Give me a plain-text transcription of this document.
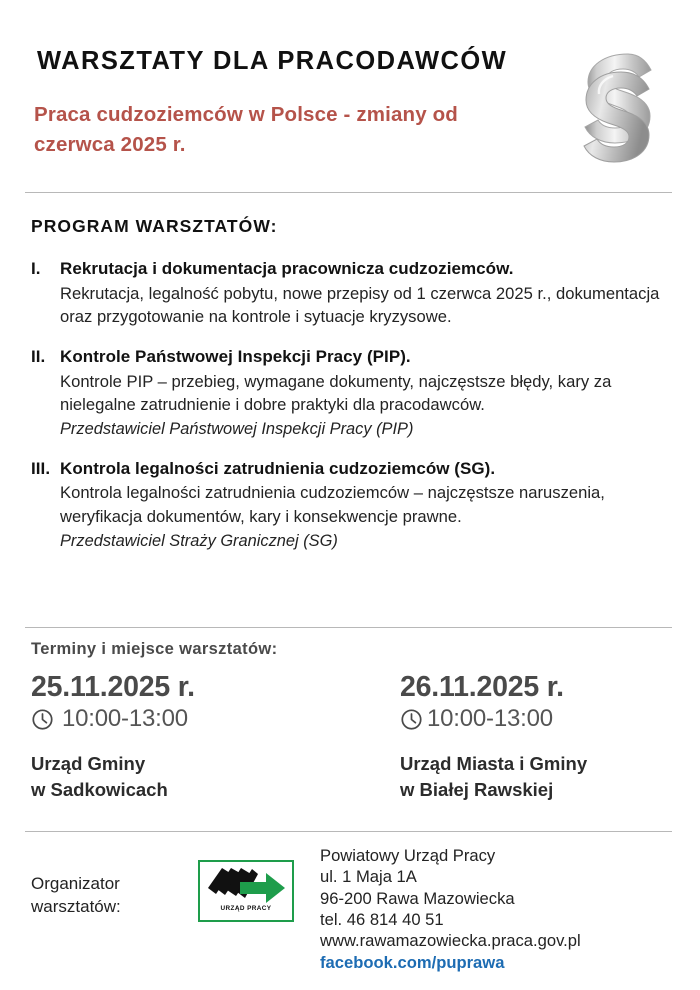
WARSZTATY DLA PRACODAWCÓW
Praca cudzoziemców w Polsce - zmiany od czerwca 2025 r.
PROGRAM WARSZTATÓW:
I.	Rekrutacja i dokumentacja pracownicza cudzoziemców.
Rekrutacja, legalność pobytu, nowe przepisy od 1 czerwca 2025 r., dokumentacja oraz przygotowanie na kontrole i sytuacje kryzysowe.
II. Kontrole Państwowej Inspekcji Pracy (PIP).
Kontrole PIP – przebieg, wymagane dokumenty, najczęstsze błędy, kary za nielegalne zatrudnienie i dobre praktyki dla pracodawców.
Przedstawiciel Państwowej Inspekcji Pracy (PIP)
III. Kontrola legalności zatrudnienia cudzoziemców (SG).
Kontrola legalności zatrudnienia cudzoziemców – najczęstsze naruszenia, weryfikacja dokumentów, kary i konsekwencje prawne.
Przedstawiciel Straży Granicznej (SG)
Terminy i miejsce warsztatów:
25.11.2025 r.
10:00-13:00
Urząd Gminy
w Sadkowicach
26.11.2025 r.
10:00-13:00
Urząd Miasta i Gminy
w Białej Rawskiej
Organizator
warsztatów:	URZĄD PRACY
Powiatowy Urząd Pracy
ul. 1 Maja 1A
96-200 Rawa Mazowiecka
tel. 46 814 40 51
www.rawamazowiecka.praca.gov.pl
facebook.com/puprawa
